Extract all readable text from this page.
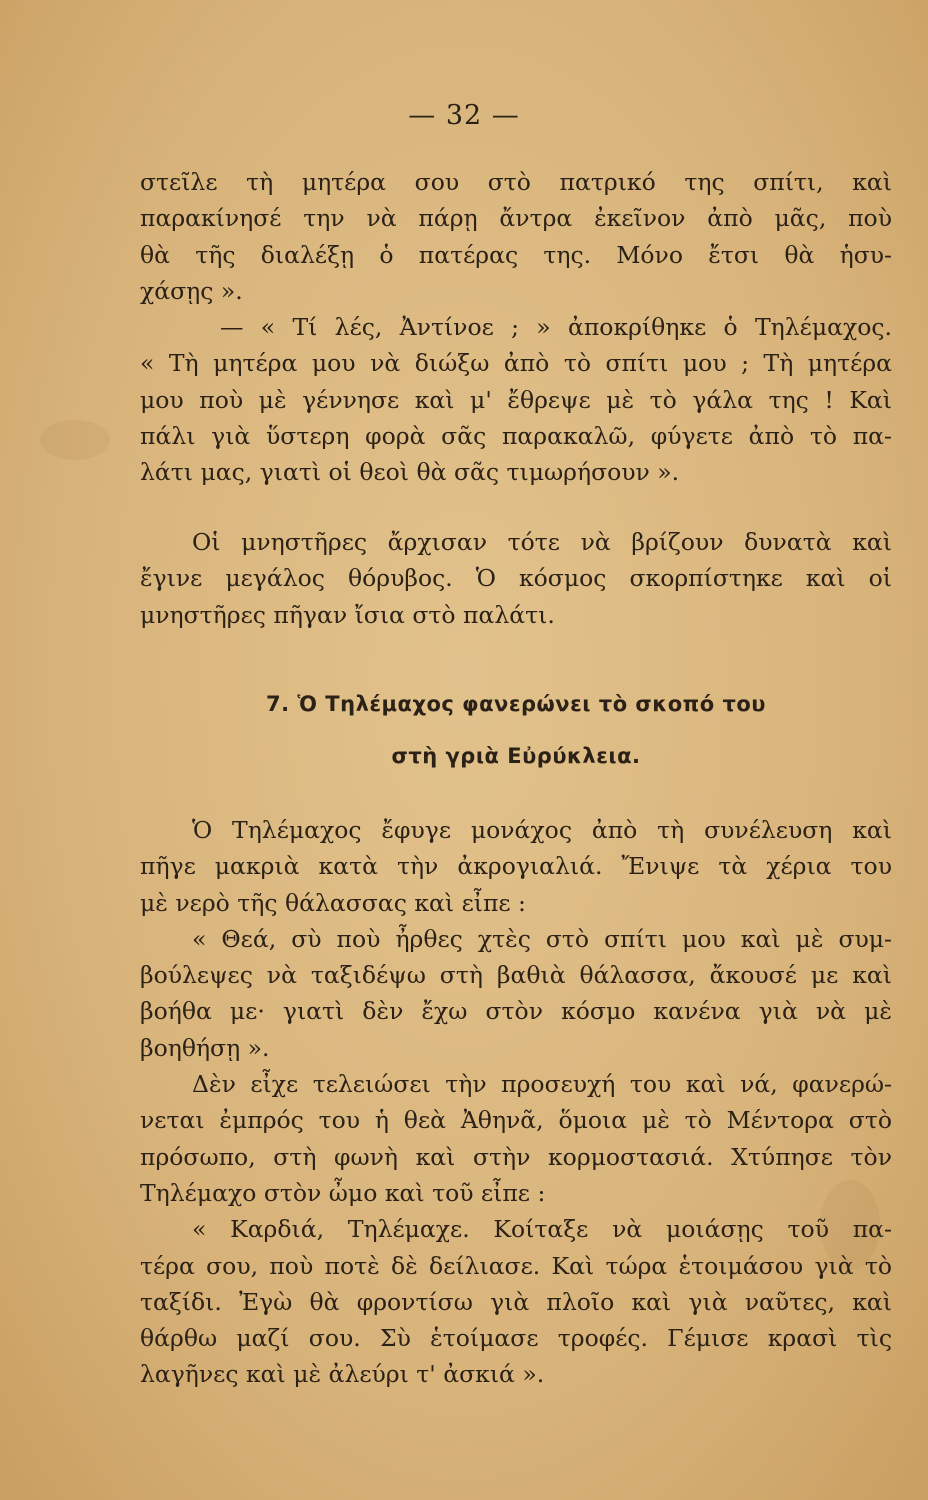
— 32 —
στεῖλε τὴ μητέρα σου στὸ πατρικό της σπίτι, καὶ
παρακίνησέ την νὰ πάρῃ ἄντρα ἐκεῖνον ἀπὸ μᾶς, ποὺ
θὰ τῆς διαλέξῃ ὁ πατέρας της. Μόνο ἔτσι θὰ ἡσυ-
χάσῃς ».
— « Τί λές, Ἀντίνοε ; » ἀποκρίθηκε ὁ Τηλέμαχος.
« Τὴ μητέρα μου νὰ διώξω ἀπὸ τὸ σπίτι μου ; Τὴ μητέρα
μου ποὺ μὲ γέννησε καὶ μ' ἔθρεψε μὲ τὸ γάλα της ! Καὶ
πάλι γιὰ ὕστερη φορὰ σᾶς παρακαλῶ, φύγετε ἀπὸ τὸ πα-
λάτι μας, γιατὶ οἱ θεοὶ θὰ σᾶς τιμωρήσουν ».
Οἱ μνηστῆρες ἄρχισαν τότε νὰ βρίζουν δυνατὰ καὶ
ἔγινε μεγάλος θόρυβος. Ὁ κόσμος σκορπίστηκε καὶ οἱ
μνηστῆρες πῆγαν ἴσια στὸ παλάτι.
7. Ὁ Τηλέμαχος φανερώνει τὸ σκοπό του
στὴ γριὰ Εὐρύκλεια.
Ὁ Τηλέμαχος ἔφυγε μονάχος ἀπὸ τὴ συνέλευση καὶ
πῆγε μακριὰ κατὰ τὴν ἀκρογιαλιά. Ἔνιψε τὰ χέρια του
μὲ νερὸ τῆς θάλασσας καὶ εἶπε :
« Θεά, σὺ ποὺ ἦρθες χτὲς στὸ σπίτι μου καὶ μὲ συμ-
βούλεψες νὰ ταξιδέψω στὴ βαθιὰ θάλασσα, ἄκουσέ με καὶ
βοήθα με· γιατὶ δὲν ἔχω στὸν κόσμο κανένα γιὰ νὰ μὲ
βοηθήσῃ ».
Δὲν εἶχε τελειώσει τὴν προσευχή του καὶ νά, φανερώ-
νεται ἐμπρός του ἡ θεὰ Ἀθηνᾶ, ὅμοια μὲ τὸ Μέντορα στὸ
πρόσωπο, στὴ φωνὴ καὶ στὴν κορμοστασιά. Χτύπησε τὸν
Τηλέμαχο στὸν ὦμο καὶ τοῦ εἶπε :
« Καρδιά, Τηλέμαχε. Κοίταξε νὰ μοιάσῃς τοῦ πα-
τέρα σου, ποὺ ποτὲ δὲ δείλιασε. Καὶ τώρα ἑτοιμάσου γιὰ τὸ
ταξίδι. Ἐγὼ θὰ φροντίσω γιὰ πλοῖο καὶ γιὰ ναῦτες, καὶ
θάρθω μαζί σου. Σὺ ἑτοίμασε τροφές. Γέμισε κρασὶ τὶς
λαγῆνες καὶ μὲ ἀλεύρι τ' ἀσκιά ».
